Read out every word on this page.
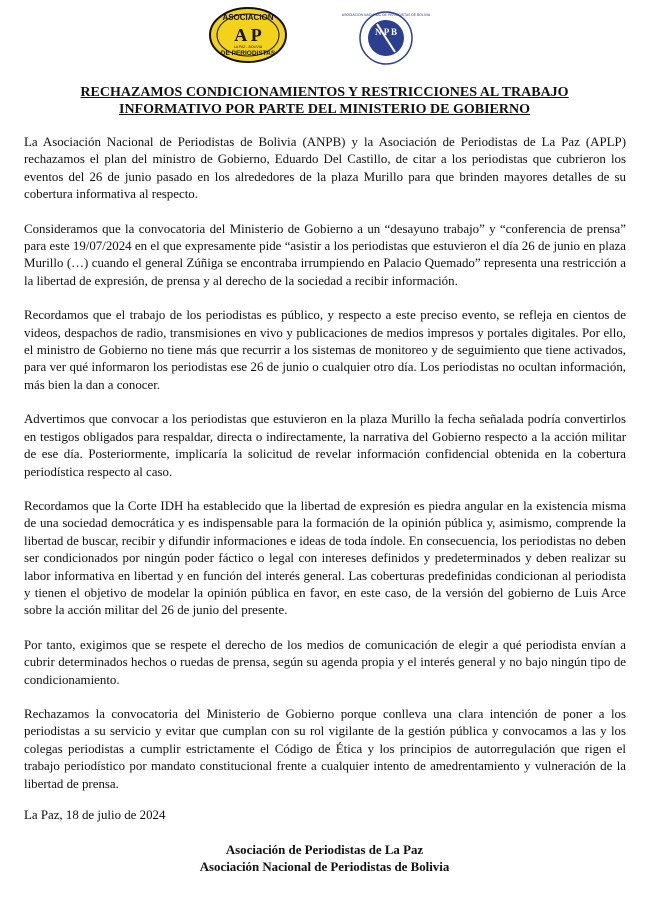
ASOCIACION
A P
DE PERIODISTAS
LA PAZ - BOLIVIA
N P B
ASOCIACION NACIONAL DE PERIODISTAS DE BOLIVIA
RECHAZAMOS CONDICIONAMIENTOS Y RESTRICCIONES AL TRABAJO
INFORMATIVO POR PARTE DEL MINISTERIO DE GOBIERNO

La Asociación Nacional de Periodistas de Bolivia (ANPB) y la Asociación de Periodistas de La Paz (APLP) rechazamos el plan del ministro de Gobierno, Eduardo Del Castillo, de citar a los periodistas que cubrieron los eventos del 26 de junio pasado en los alrededores de la plaza Murillo para que brinden mayores detalles de su cobertura informativa al respecto.

Consideramos que la convocatoria del Ministerio de Gobierno a un “desayuno trabajo” y “conferencia de prensa” para este 19/07/2024 en el que expresamente pide “asistir a los periodistas que estuvieron el día 26 de junio en plaza Murillo (…) cuando el general Zúñiga se encontraba irrumpiendo en Palacio Quemado” representa una restricción a la libertad de expresión, de prensa y al derecho de la sociedad a recibir información.

Recordamos que el trabajo de los periodistas es público, y respecto a este preciso evento, se refleja en cientos de videos, despachos de radio, transmisiones en vivo y publicaciones de medios impresos y portales digitales. Por ello, el ministro de Gobierno no tiene más que recurrir a los sistemas de monitoreo y de seguimiento que tiene activados, para ver qué informaron los periodistas ese 26 de junio o cualquier otro día. Los periodistas no ocultan información, más bien la dan a conocer.

Advertimos que convocar a los periodistas que estuvieron en la plaza Murillo la fecha señalada podría convertirlos en testigos obligados para respaldar, directa o indirectamente, la narrativa del Gobierno respecto a la acción militar de ese día. Posteriormente, implicaría la solicitud de revelar información confidencial obtenida en la cobertura periodística respecto al caso.

Recordamos que la Corte IDH ha establecido que la libertad de expresión es piedra angular en la existencia misma de una sociedad democrática y es indispensable para la formación de la opinión pública y, asimismo, comprende la libertad de buscar, recibir y difundir informaciones e ideas de toda índole. En consecuencia, los periodistas no deben ser condicionados por ningún poder fáctico o legal con intereses definidos y predeterminados y deben realizar su labor informativa en libertad y en función del interés general. Las coberturas predefinidas condicionan al periodista y tienen el objetivo de modelar la opinión pública en favor, en este caso, de la versión del gobierno de Luis Arce sobre la acción militar del 26 de junio del presente.

Por tanto, exigimos que se respete el derecho de los medios de comunicación de elegir a qué periodista envían a cubrir determinados hechos o ruedas de prensa, según su agenda propia y el interés general y no bajo ningún tipo de condicionamiento.

Rechazamos la convocatoria del Ministerio de Gobierno porque conlleva una clara intención de poner a los periodistas a su servicio y evitar que cumplan con su rol vigilante de la gestión pública y convocamos a las y los colegas periodistas a cumplir estrictamente el Código de Ética y los principios de autorregulación que rigen el trabajo periodístico por mandato constitucional frente a cualquier intento de amedrentamiento y vulneración de la libertad de prensa.

La Paz, 18 de julio de 2024
Asociación de Periodistas de La Paz
Asociación Nacional de Periodistas de Bolivia
